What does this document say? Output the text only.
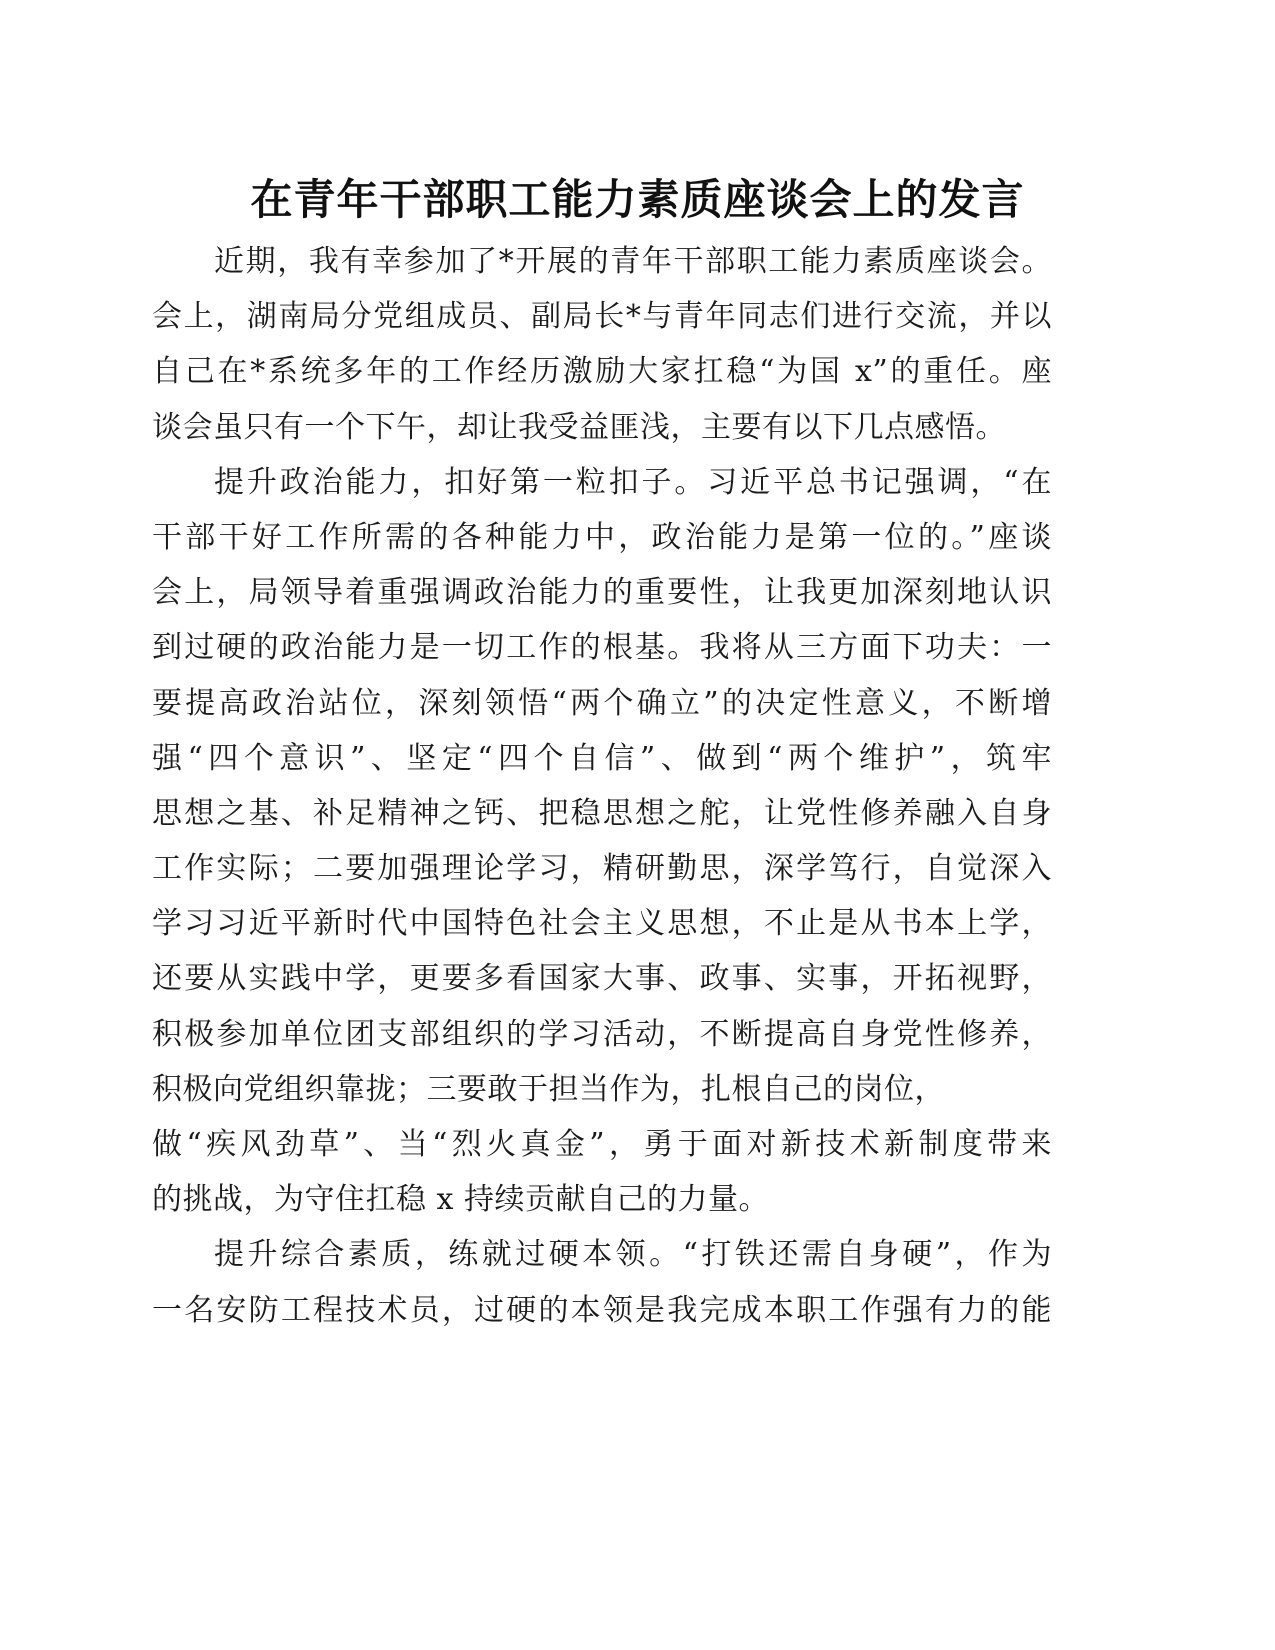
在青年干部职工能力素质座谈会上的发言
近期，我有幸参加了*开展的青年干部职工能力素质座谈会。
会上，湖南局分党组成员、副局长*与青年同志们进行交流，并以
自己在*系统多年的工作经历激励大家扛稳“为国 x”的重任。座
谈会虽只有一个下午，却让我受益匪浅，主要有以下几点感悟。
提升政治能力，扣好第一粒扣子。习近平总书记强调，“在
干部干好工作所需的各种能力中，政治能力是第一位的。”座谈
会上，局领导着重强调政治能力的重要性，让我更加深刻地认识
到过硬的政治能力是一切工作的根基。我将从三方面下功夫：一
要提高政治站位，深刻领悟“两个确立”的决定性意义，不断增
强“四个意识”、坚定“四个自信”、做到“两个维护”，筑牢
思想之基、补足精神之钙、把稳思想之舵，让党性修养融入自身
工作实际；二要加强理论学习，精研勤思，深学笃行，自觉深入
学习习近平新时代中国特色社会主义思想，不止是从书本上学，
还要从实践中学，更要多看国家大事、政事、实事，开拓视野，
积极参加单位团支部组织的学习活动，不断提高自身党性修养，
积极向党组织靠拢；三要敢于担当作为，扎根自己的岗位，
做“疾风劲草”、当“烈火真金”，勇于面对新技术新制度带来
的挑战，为守住扛稳 x 持续贡献自己的力量。
提升综合素质，练就过硬本领。“打铁还需自身硬”，作为
一名安防工程技术员，过硬的本领是我完成本职工作强有力的能
